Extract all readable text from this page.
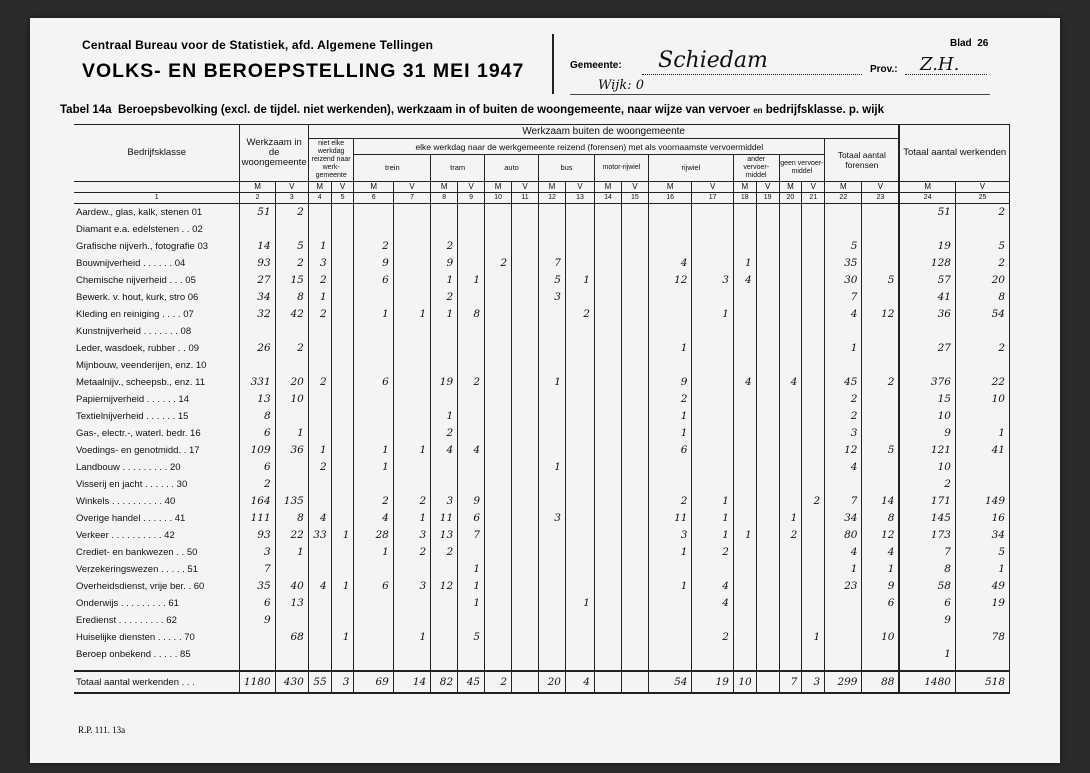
Centraal Bureau voor de Statistiek, afd. Algemene Tellingen
VOLKS- EN BEROEPSTELLING 31 MEI 1947
Blad 26
Gemeente:	Schiedam	Prov.: Z.H.
Wijk: 0
Tabel 14a Beroepsbevolking (excl. de tijdel. niet werkenden), werkzaam in of buiten de woongemeente, naar wijze van vervoer en bedrijfsklasse. p. wijk
Bedrijfsklasse	Werkzaam in de woongemeente		Werkzaam buiten de woongemeente																				Totaal aantal werkenden	
			niet elke werkdag reizend naar werk-gemeente		elke werkdag naar de werkgemeente reizend (forensen) met als voornaamste vervoermiddel																Totaal aantal forensen			
					trein		tram		auto		bus		motor-rijwiel		rijwiel		ander vervoer-middel		geen vervoer-middel					
	M	V	M	V	M	V	M	V	M	V	M	V	M	V	M	V	M	V	M	V	M	V	M	V
1	2	3	4	5	6	7	8	9	10	11	12	13	14	15	16	17	18	19	20	21	22	23	24	25
Aardew., glas, kalk, stenen 01	51	2																					51	2
Diamant e.a. edelstenen . . 02																								
Grafische nijverh., fotografie 03	14	5	1		2		2														5		19	5
Bouwnijverheid . . . . . . 04	93	2	3		9		9		2		7				4		1				35		128	2
Chemische nijverheid . . . 05	27	15	2		6		1	1			5	1			12	3	4				30	5	57	20
Bewerk. v. hout, kurk, stro 06	34	8	1				2				3										7		41	8
Kleding en reiniging . . . . 07	32	42	2		1	1	1	8				2				1					4	12	36	54
Kunstnijverheid . . . . . . . 08																								
Leder, wasdoek, rubber . . 09	26	2													1						1		27	2
Mijnbouw, veenderijen, enz. 10																								
Metaalnijv., scheepsb., enz. 11	331	20	2		6		19	2			1				9		4		4		45	2	376	22
Papiernijverheid . . . . . . 14	13	10													2						2		15	10
Textielnijverheid . . . . . . 15	8						1								1						2		10	
Gas-, electr.-, waterl. bedr. 16	6	1					2								1						3		9	1
Voedings- en genotmidd. . 17	109	36	1		1	1	4	4							6						12	5	121	41
Landbouw . . . . . . . . . 20	6		2		1						1										4		10	
Visserij en jacht . . . . . . 30	2																						2	
Winkels . . . . . . . . . . 40	164	135			2	2	3	9							2	1				2	7	14	171	149
Overige handel . . . . . . 41	111	8	4		4	1	11	6			3				11	1			1		34	8	145	16
Verkeer . . . . . . . . . . 42	93	22	33	1	28	3	13	7							3	1	1		2		80	12	173	34
Crediet- en bankwezen . . 50	3	1			1	2	2								1	2					4	4	7	5
Verzekeringswezen . . . . . 51	7							1													1	1	8	1
Overheidsdienst, vrije ber. . 60	35	40	4	1	6	3	12	1							1	4					23	9	58	49
Onderwijs . . . . . . . . . 61	6	13						1				1				4						6	6	19
Eredienst . . . . . . . . . 62	9																						9	
Huiselijke diensten . . . . . 70		68		1		1		5								2				1		10		78
Beroep onbekend . . . . . 85																							1	

Totaal aantal werkenden . . .	1180	430	55	3	69	14	82	45	2		20	4			54	19	10		7	3	299	88	1480	518
R.P. 111. 13a
